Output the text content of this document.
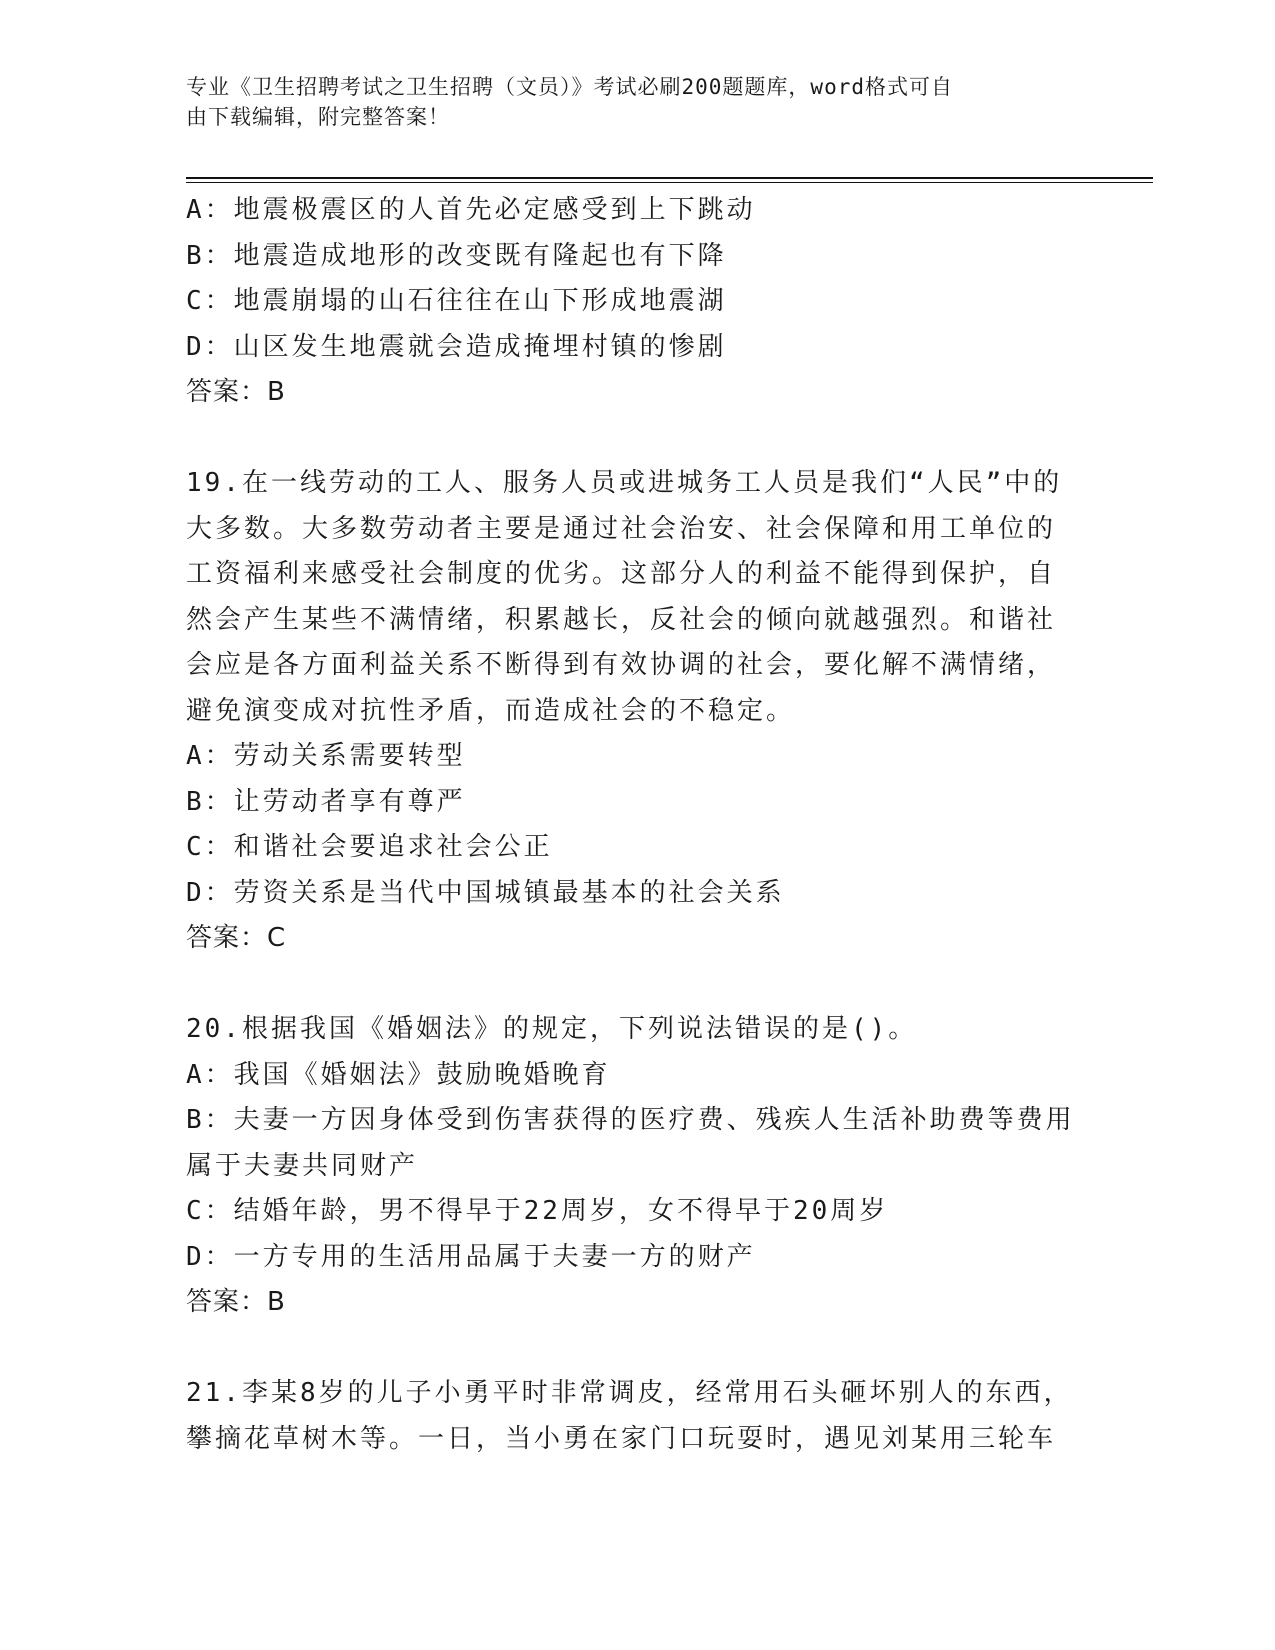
专业《卫生招聘考试之卫生招聘（文员）》考试必刷200题题库，word格式可自
由下载编辑，附完整答案！
A：地震极震区的人首先必定感受到上下跳动
B：地震造成地形的改变既有隆起也有下降
C：地震崩塌的山石往往在山下形成地震湖
D：山区发生地震就会造成掩埋村镇的惨剧
答案：B
19.在一线劳动的工人、服务人员或进城务工人员是我们“人民”中的
大多数。大多数劳动者主要是通过社会治安、社会保障和用工单位的
工资福利来感受社会制度的优劣。这部分人的利益不能得到保护，自
然会产生某些不满情绪，积累越长，反社会的倾向就越强烈。和谐社
会应是各方面利益关系不断得到有效协调的社会，要化解不满情绪，
避免演变成对抗性矛盾，而造成社会的不稳定。
A：劳动关系需要转型
B：让劳动者享有尊严
C：和谐社会要追求社会公正
D：劳资关系是当代中国城镇最基本的社会关系
答案：C
20.根据我国《婚姻法》的规定，下列说法错误的是()。
A：我国《婚姻法》鼓励晚婚晚育
B：夫妻一方因身体受到伤害获得的医疗费、残疾人生活补助费等费用
属于夫妻共同财产
C：结婚年龄，男不得早于22周岁，女不得早于20周岁
D：一方专用的生活用品属于夫妻一方的财产
答案：B
21.李某8岁的儿子小勇平时非常调皮，经常用石头砸坏别人的东西，
攀摘花草树木等。一日，当小勇在家门口玩耍时，遇见刘某用三轮车
